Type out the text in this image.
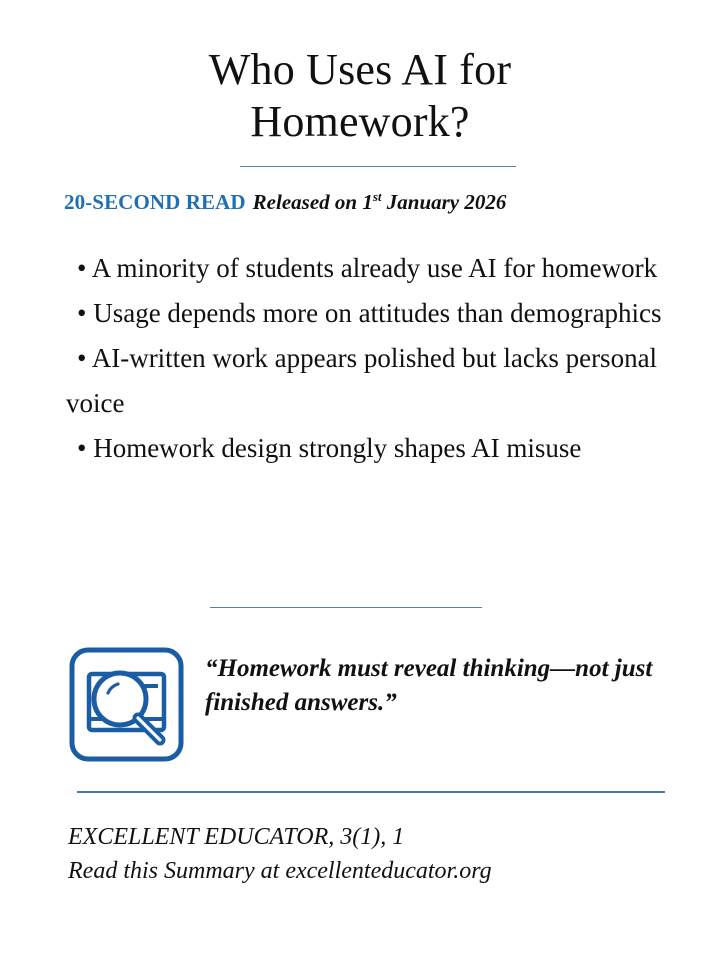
Who Uses AI for
Homework?
20-SECOND READ Released on 1st January 2026

• A minority of students already use AI for homework

• Usage depends more on attitudes than demographics

• AI-written work appears polished but lacks personal voice

• Homework design strongly shapes AI misuse

“Homework must reveal thinking—not just finished answers.”
EXCELLENT EDUCATOR, 3(1), 1
Read this Summary at excellenteducator.org
